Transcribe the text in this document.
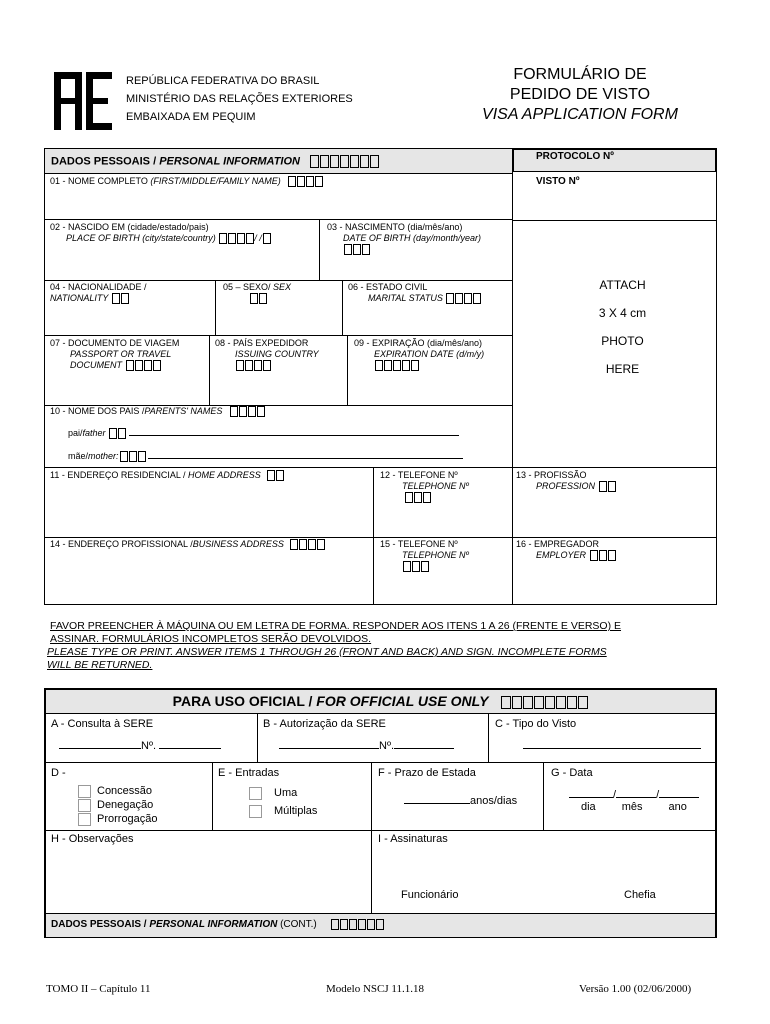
REPÚBLICA FEDERATIVA DO BRASIL
MINISTÉRIO DAS RELAÇÕES EXTERIORES
EMBAIXADA EM PEQUIM
FORMULÁRIO DE
PEDIDO DE VISTO
VISA APPLICATION FORM
DADOS PESSOAIS / PERSONAL INFORMATION
01 - NOME COMPLETO (FIRST/MIDDLE/FAMILY NAME)
02 - NASCIDO EM (cidade/estado/pais)
PLACE OF BIRTH (city/state/country)	/ /
03 - NASCIMENTO (dia/mês/ano)
DATE OF BIRTH (day/month/year)
04 - NACIONALIDADE /
NATIONALITY
05 – SEXO/ SEX	06 - ESTADO CIVIL
MARITAL STATUS
07 - DOCUMENTO DE VIAGEM
PASSPORT OR TRAVEL
DOCUMENT
08 - PAÍS EXPEDIDOR
ISSUING COUNTRY
09 - EXPIRAÇÃO (dia/mês/ano)
EXPIRATION DATE (d/m/y)
10 - NOME DOS PAIS /PARENTS' NAMES
pai/father
mãe/mother:
11 - ENDEREÇO RESIDENCIAL / HOME ADDRESS	12 - TELEFONE Nº
TELEPHONE Nº
14 - ENDEREÇO PROFISSIONAL /BUSINESS ADDRESS	15 - TELEFONE Nº
TELEPHONE Nº
PROTOCOLO Nº
VISTO Nº
ATTACH
3 X 4 cm
PHOTO
HERE
13 - PROFISSÃO
PROFESSION
16 - EMPREGADOR
EMPLOYER
FAVOR PREENCHER À MÁQUINA OU EM LETRA DE FORMA. RESPONDER AOS ITENS 1 A 26 (FRENTE E VERSO) E
ASSINAR. FORMULÁRIOS INCOMPLETOS SERÃO DEVOLVIDOS.
PLEASE TYPE OR PRINT. ANSWER ITEMS 1 THROUGH 26 (FRONT AND BACK) AND SIGN. INCOMPLETE FORMS
WILL BE RETURNED.
PARA USO OFICIAL / FOR OFFICIAL USE ONLY
A - Consulta à SERE
Nº.
B - Autorização da SERE
Nº.
C - Tipo do Visto
D -
Concessão
Denegação
Prorrogação
E - Entradas
Uma
Múltiplas
F - Prazo de Estada
anos/dias
G - Data
/	/
dia mês ano
H - Observações	I - Assinaturas
Funcionário	Chefia
DADOS PESSOAIS / PERSONAL INFORMATION (CONT.)
TOMO II – Capítulo 11	Modelo NSCJ 11.1.18	Versão 1.00 (02/06/2000)
